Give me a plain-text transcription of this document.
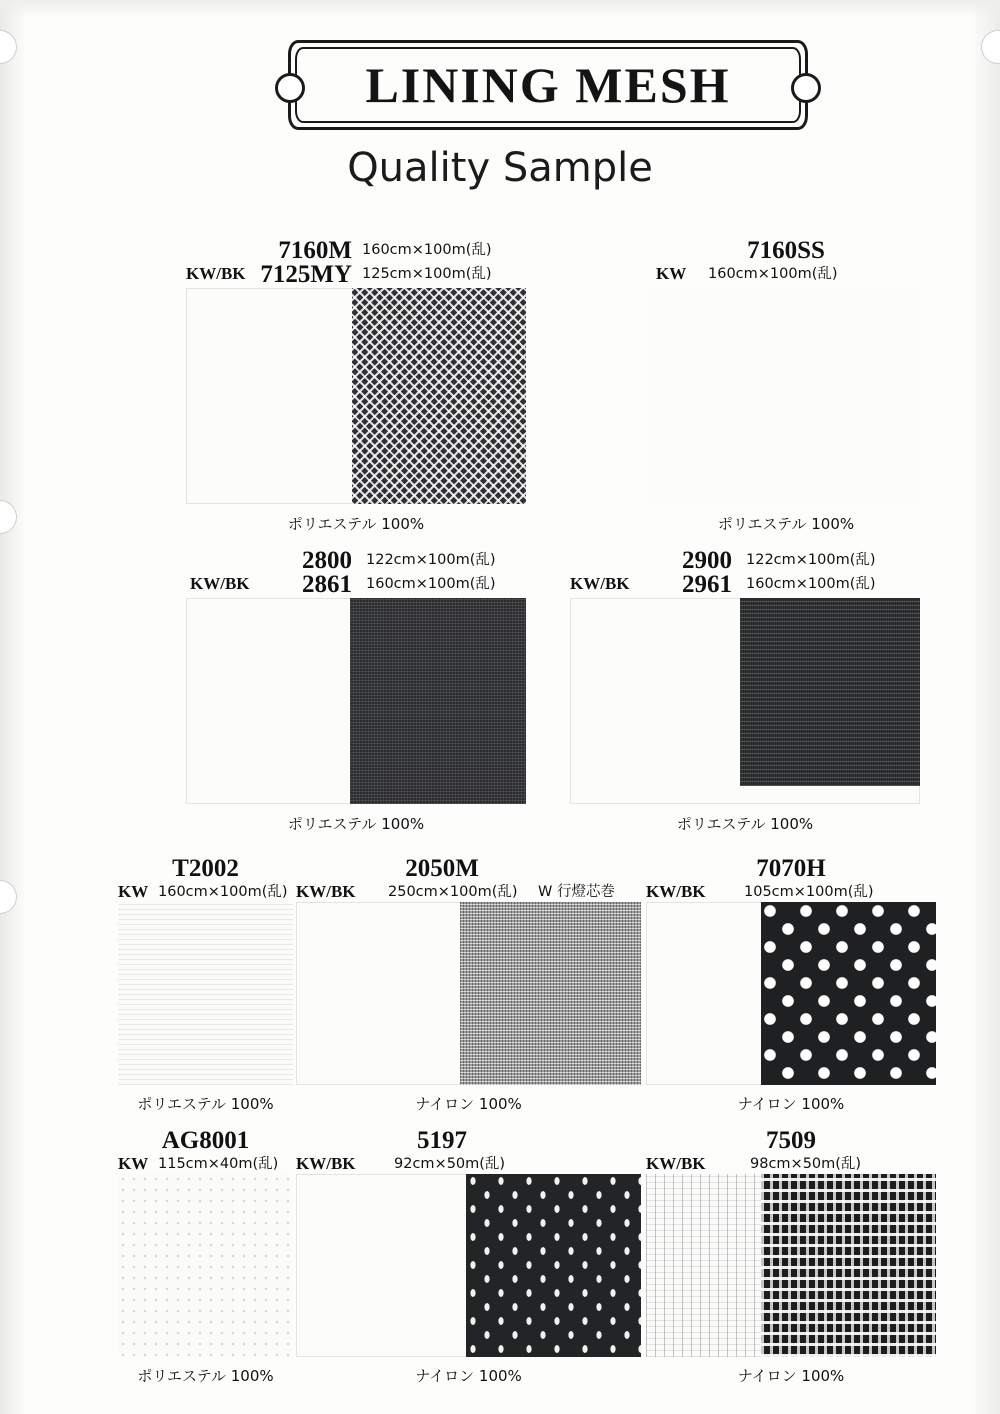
LINING MESH
Quality Sample
KW/BK
7160M
7125MY
160cm×100m(乱)
125cm×100m(乱)
ポリエステル 100%
7160SS
KW 160cm×100m(乱)
ポリエステル 100%
KW/BK
2800
2861
122cm×100m(乱)
160cm×100m(乱)
ポリエステル 100%
KW/BK
2900
2961
122cm×100m(乱)
160cm×100m(乱)
ポリエステル 100%
T2002
KW 160cm×100m(乱)
ポリエステル 100%
2050M
KW/BK 250cm×100m(乱) W 行燈芯巻
ナイロン 100%
7070H
KW/BK	105cm×100m(乱)
ナイロン 100%
AG8001
KW 115cm×40m(乱)
ポリエステル 100%
5197
KW/BK	92cm×50m(乱)
ナイロン 100%
7509
KW/BK	98cm×50m(乱)
ナイロン 100%
